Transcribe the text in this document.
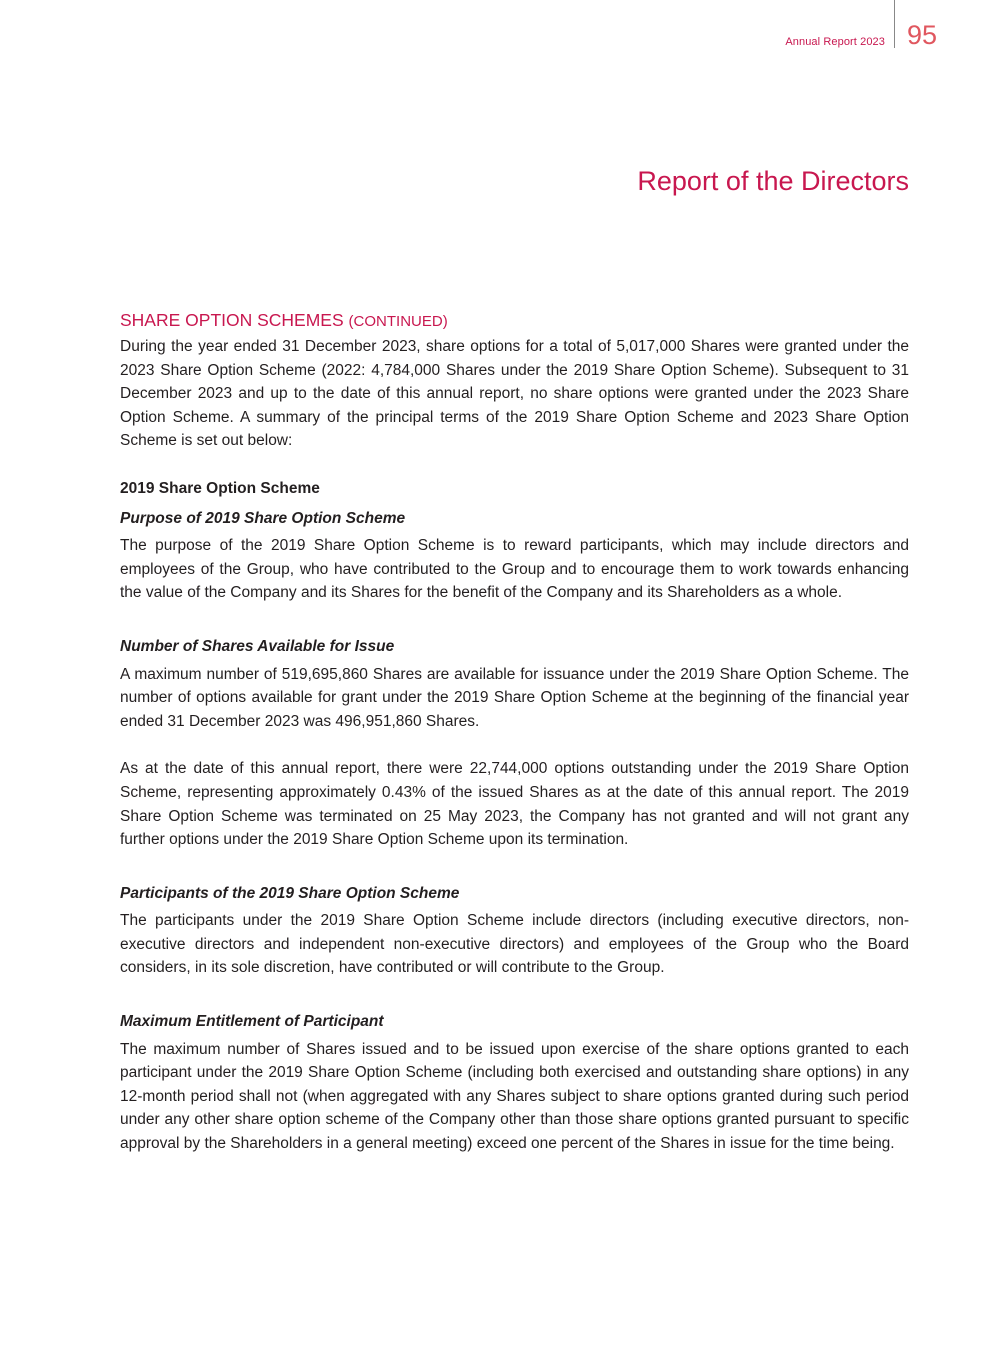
Annual Report 2023 95
Report of the Directors
SHARE OPTION SCHEMES (CONTINUED)

During the year ended 31 December 2023, share options for a total of 5,017,000 Shares were granted under the 2023 Share Option Scheme (2022: 4,784,000 Shares under the 2019 Share Option Scheme). Subsequent to 31 December 2023 and up to the date of this annual report, no share options were granted under the 2023 Share Option Scheme. A summary of the principal terms of the 2019 Share Option Scheme and 2023 Share Option Scheme is set out below:

2019 Share Option Scheme

Purpose of 2019 Share Option Scheme

The purpose of the 2019 Share Option Scheme is to reward participants, which may include directors and employees of the Group, who have contributed to the Group and to encourage them to work towards enhancing the value of the Company and its Shares for the benefit of the Company and its Shareholders as a whole.

Number of Shares Available for Issue

A maximum number of 519,695,860 Shares are available for issuance under the 2019 Share Option Scheme. The number of options available for grant under the 2019 Share Option Scheme at the beginning of the financial year ended 31 December 2023 was 496,951,860 Shares.

As at the date of this annual report, there were 22,744,000 options outstanding under the 2019 Share Option Scheme, representing approximately 0.43% of the issued Shares as at the date of this annual report. The 2019 Share Option Scheme was terminated on 25 May 2023, the Company has not granted and will not grant any further options under the 2019 Share Option Scheme upon its termination.

Participants of the 2019 Share Option Scheme

The participants under the 2019 Share Option Scheme include directors (including executive directors, non-executive directors and independent non-executive directors) and employees of the Group who the Board considers, in its sole discretion, have contributed or will contribute to the Group.

Maximum Entitlement of Participant

The maximum number of Shares issued and to be issued upon exercise of the share options granted to each participant under the 2019 Share Option Scheme (including both exercised and outstanding share options) in any 12-month period shall not (when aggregated with any Shares subject to share options granted during such period under any other share option scheme of the Company other than those share options granted pursuant to specific approval by the Shareholders in a general meeting) exceed one percent of the Shares in issue for the time being.
